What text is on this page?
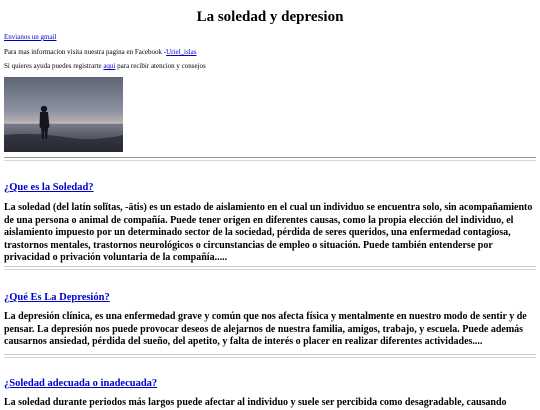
La soledad y depresion

Envianos un gmail

Para mas informacion visita nuestra pagina en Facebook -Uriel_islas

Si quieres ayuda puedes registrarte aqui para recibir atencion y consejos

¿Que es la Soledad?

La soledad (del latín solĭtas, -ātis) es un estado de aislamiento en el cual un individuo se encuentra solo, sin acompañamiento de una persona o animal de compañía. Puede tener origen en diferentes causas, como la propia elección del individuo, el aislamiento impuesto por un determinado sector de la sociedad, pérdida de seres queridos, una enfermedad contagiosa, trastornos mentales, trastornos neurológicos o circunstancias de empleo o situación. Puede también entenderse por privacidad o privación voluntaria de la compañía.....

¿Qué Es La Depresión?

La depresión clínica, es una enfermedad grave y común que nos afecta física y mentalmente en nuestro modo de sentir y de pensar. La depresión nos puede provocar deseos de alejarnos de nuestra familia, amigos, trabajo, y escuela. Puede además causarnos ansiedad, pérdida del sueño, del apetito, y falta de interés o placer en realizar diferentes actividades....

¿Soledad adecuada o inadecuada?

La soledad durante periodos más largos puede afectar al individuo y suele ser percibida como desagradable, causando
